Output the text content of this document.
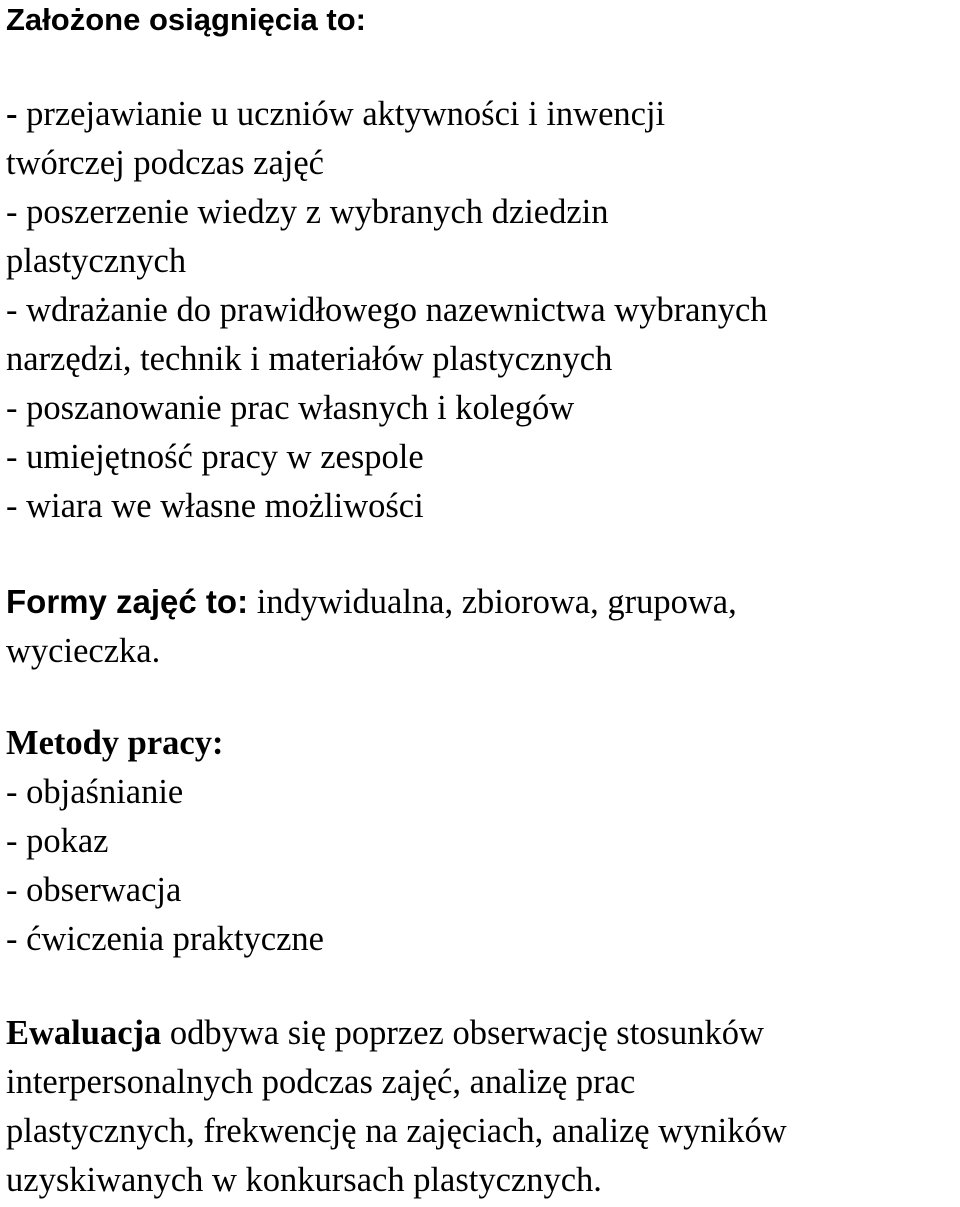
Założone osiągnięcia to:

- przejawianie u uczniów aktywności i inwencji

twórczej podczas zajęć

- poszerzenie wiedzy z wybranych dziedzin

plastycznych

- wdrażanie do prawidłowego nazewnictwa wybranych

narzędzi, technik i materiałów plastycznych

- poszanowanie prac własnych i kolegów

- umiejętność pracy w zespole

- wiara we własne możliwości

Formy zajęć to: indywidualna, zbiorowa, grupowa,

wycieczka.

Metody pracy:

- objaśnianie

- pokaz

- obserwacja

- ćwiczenia praktyczne

Ewaluacja odbywa się poprzez obserwację stosunków

interpersonalnych podczas zajęć, analizę prac

plastycznych, frekwencję na zajęciach, analizę wyników

uzyskiwanych w konkursach plastycznych.
